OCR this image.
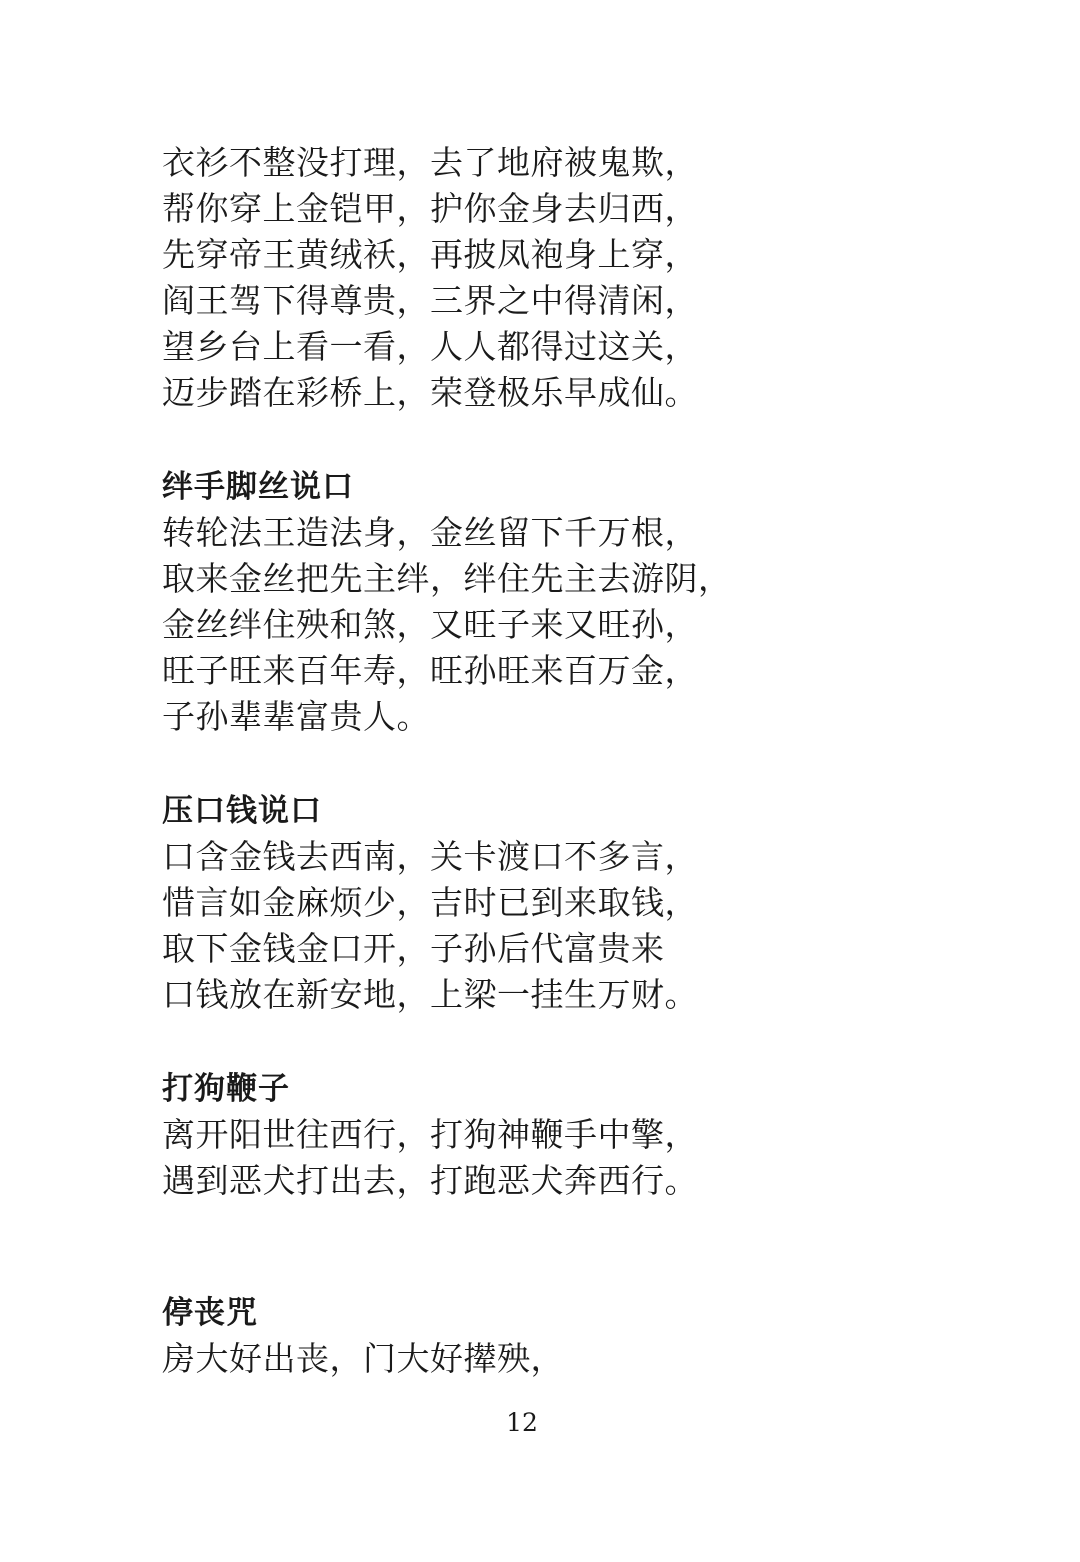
衣衫不整没打理，去了地府被鬼欺，
帮你穿上金铠甲，护你金身去归西，
先穿帝王黄绒袄，再披凤袍身上穿，
阎王驾下得尊贵，三界之中得清闲，
望乡台上看一看，人人都得过这关，
迈步踏在彩桥上，荣登极乐早成仙。
绊手脚丝说口
转轮法王造法身，金丝留下千万根，
取来金丝把先主绊，绊住先主去游阴，
金丝绊住殃和煞，又旺子来又旺孙，
旺子旺来百年寿，旺孙旺来百万金，
子孙辈辈富贵人。
压口钱说口
口含金钱去西南，关卡渡口不多言，
惜言如金麻烦少，吉时已到来取钱，
取下金钱金口开，子孙后代富贵来
口钱放在新安地，上梁一挂生万财。
打狗鞭子
离开阳世往西行，打狗神鞭手中擎，
遇到恶犬打出去，打跑恶犬奔西行。
停丧咒
房大好出丧，门大好撵殃，
12
